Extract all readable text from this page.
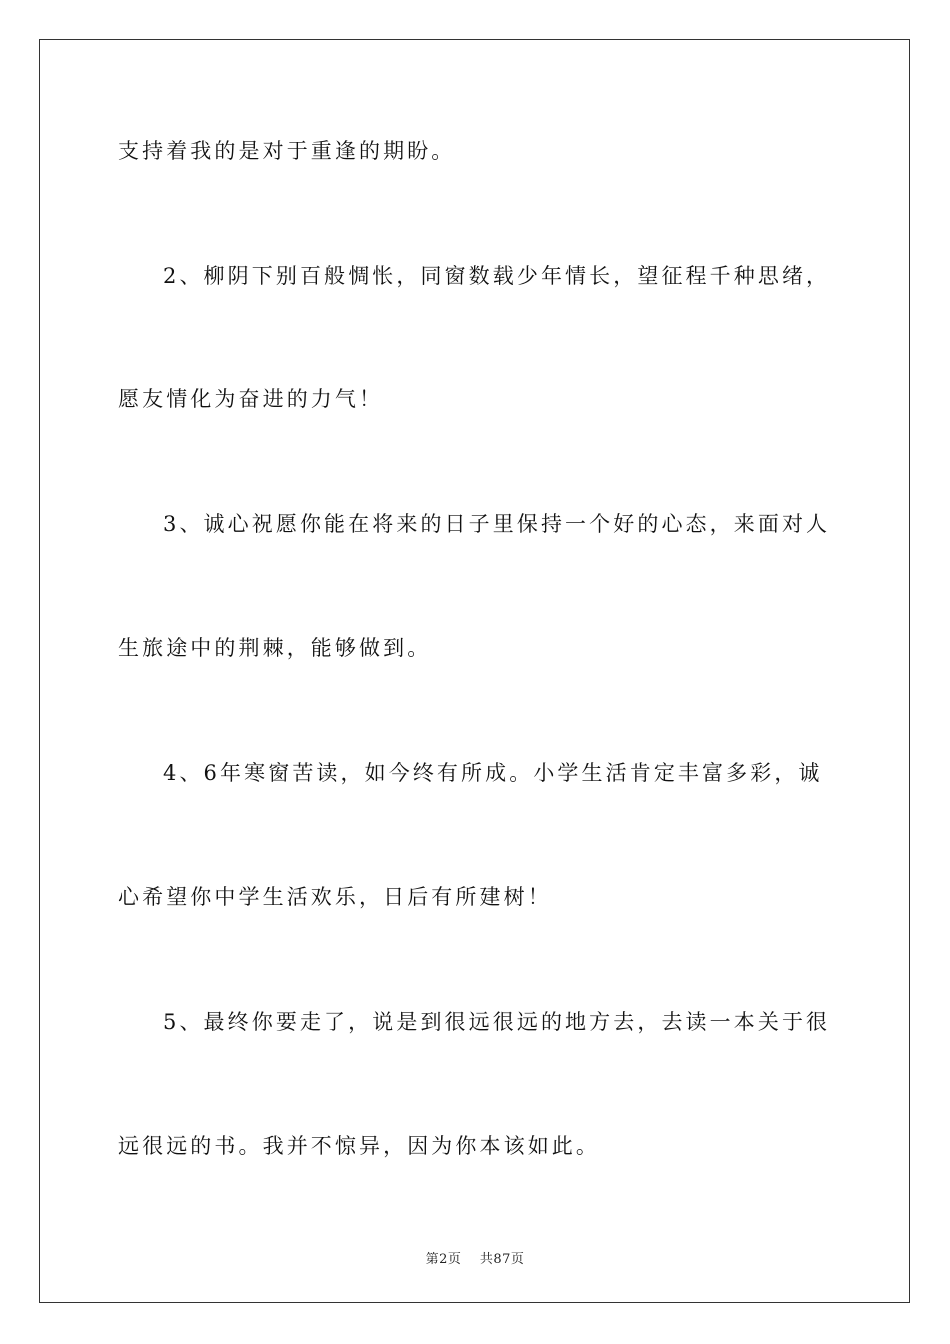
支持着我的是对于重逢的期盼。
2、柳阴下别百般惆怅，同窗数载少年情长，望征程千种思绪，
愿友情化为奋进的力气！
3、诚心祝愿你能在将来的日子里保持一个好的心态，来面对人
生旅途中的荆棘，能够做到。
4、6年寒窗苦读，如今终有所成。小学生活肯定丰富多彩，诚
心希望你中学生活欢乐，日后有所建树！
5、最终你要走了，说是到很远很远的地方去，去读一本关于很
远很远的书。我并不惊异，因为你本该如此。
第2页    共87页
